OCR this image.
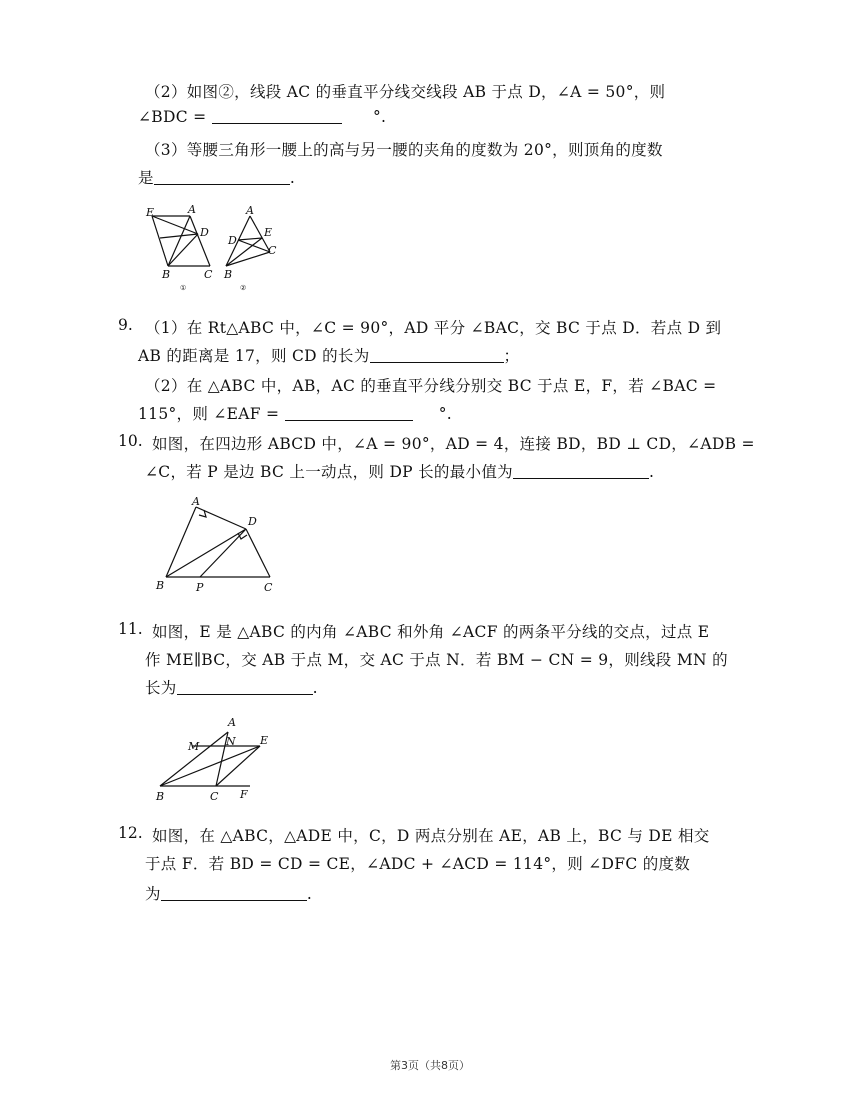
（2）如图②，线段 AC 的垂直平分线交线段 AB 于点 D，∠A = 50°，则
∠BDC =	°.
（3）等腰三角形一腰上的高与另一腰的夹角的度数为 20°，则顶角的度数
是	.
E	A
D
B	C
①
A
E
D
C
B
②
9. （1）在 Rt△ABC 中，∠C = 90°，AD 平分 ∠BAC，交 BC 于点 D．若点 D 到
AB 的距离是 17，则 CD 的长为	；
（2）在 △ABC 中，AB，AC 的垂直平分线分别交 BC 于点 E，F，若 ∠BAC =
115°，则 ∠EAF =	°.
10. 如图，在四边形 ABCD 中，∠A = 90°，AD = 4，连接 BD，BD ⊥ CD，∠ADB =
∠C，若 P 是边 BC 上一动点，则 DP 长的最小值为	.
A
D
B	P	C
11. 如图，E 是 △ABC 的内角 ∠ABC 和外角 ∠ACF 的两条平分线的交点，过点 E
作 ME∥BC，交 AB 于点 M，交 AC 于点 N．若 BM − CN = 9，则线段 MN 的
长为	.
A
M N E
B	C F
12. 如图，在 △ABC，△ADE 中，C，D 两点分别在 AE，AB 上，BC 与 DE 相交
于点 F．若 BD = CD = CE，∠ADC + ∠ACD = 114°，则 ∠DFC 的度数
为	.
第3页（共8页）
